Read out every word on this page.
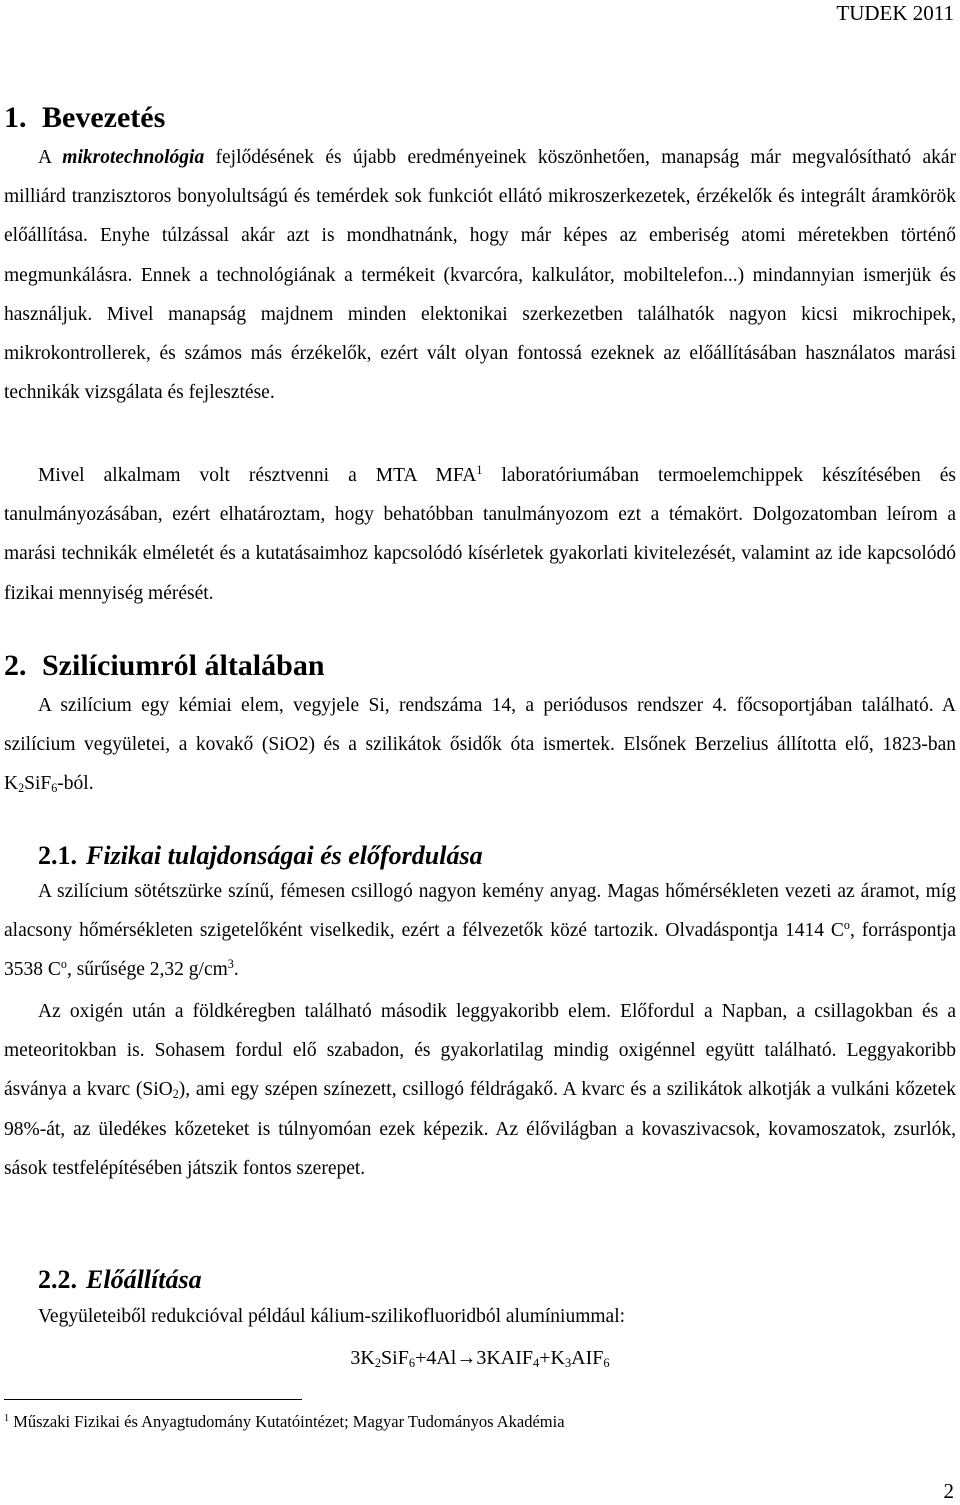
TUDEK 2011
1. Bevezetés
A mikrotechnológia fejlődésének és újabb eredményeinek köszönhetően, manapság már megvalósítható akár milliárd tranzisztoros bonyolultságú és temérdek sok funkciót ellátó mikroszerkezetek, érzékelők és integrált áramkörök előállítása. Enyhe túlzással akár azt is mondhatnánk, hogy már képes az emberiség atomi méretekben történő megmunkálásra. Ennek a technológiának a termékeit (kvarcóra, kalkulátor, mobiltelefon...) mindannyian ismerjük és használjuk. Mivel manapság majdnem minden elektonikai szerkezetben találhatók nagyon kicsi mikrochipek, mikrokontrollerek, és számos más érzékelők, ezért vált olyan fontossá ezeknek az előállításában használatos marási technikák vizsgálata és fejlesztése.
Mivel alkalmam volt résztvenni a MTA MFA$^1$ laboratóriumában termoelemchippek készítésében és tanulmányozásában, ezért elhatároztam, hogy behatóbban tanulmányozom ezt a témakört. Dolgozatomban leírom a marási technikák elméletét és a kutatásaimhoz kapcsolódó kísérletek gyakorlati kivitelezését, valamint az ide kapcsolódó fizikai mennyiség mérését.
2. Szilíciumról általában
A szilícium egy kémiai elem, vegyjele Si, rendszáma 14, a periódusos rendszer 4. főcsoportjában található. A szilícium vegyületei, a kovakő (SiO2) és a szilikátok ősidők óta ismertek. Elsőnek Berzelius állította elő, 1823-ban $K_2SiF_6$-ból.
2.1. Fizikai tulajdonságai és előfordulása
A szilícium sötétszürke színű, fémesen csillogó nagyon kemény anyag. Magas hőmérsékleten vezeti az áramot, míg alacsony hőmérsékleten szigetelőként viselkedik, ezért a félvezetők közé tartozik. Olvadáspontja 1414 $C^o$, forráspontja 3538 $C^o$, sűrűsége 2,32 $g/cm^3$.
Az oxigén után a földkéregben található második leggyakoribb elem. Előfordul a Napban, a csillagokban és a meteoritokban is. Sohasem fordul elő szabadon, és gyakorlatilag mindig oxigénnel együtt található. Leggyakoribb ásványa a kvarc (SiO$_2$), ami egy szépen színezett, csillogó féldrágakő. A kvarc és a szilikátok alkotják a vulkáni kőzetek 98%-át, az üledékes kőzeteket is túlnyomóan ezek képezik. Az élővilágban a kovaszivacsok, kovamoszatok, zsurlók, sások testfelépítésében játszik fontos szerepet.
2.2. Előállítása
Vegyületeiből redukcióval például kálium-szilikofluoridból alumíniummal:
$3K_2SiF_6+4Al\to 3KAIF_4+K_3AIF_6$
$^1$ Műszaki Fizikai és Anyagtudomány Kutatóintézet; Magyar Tudományos Akadémia
2
